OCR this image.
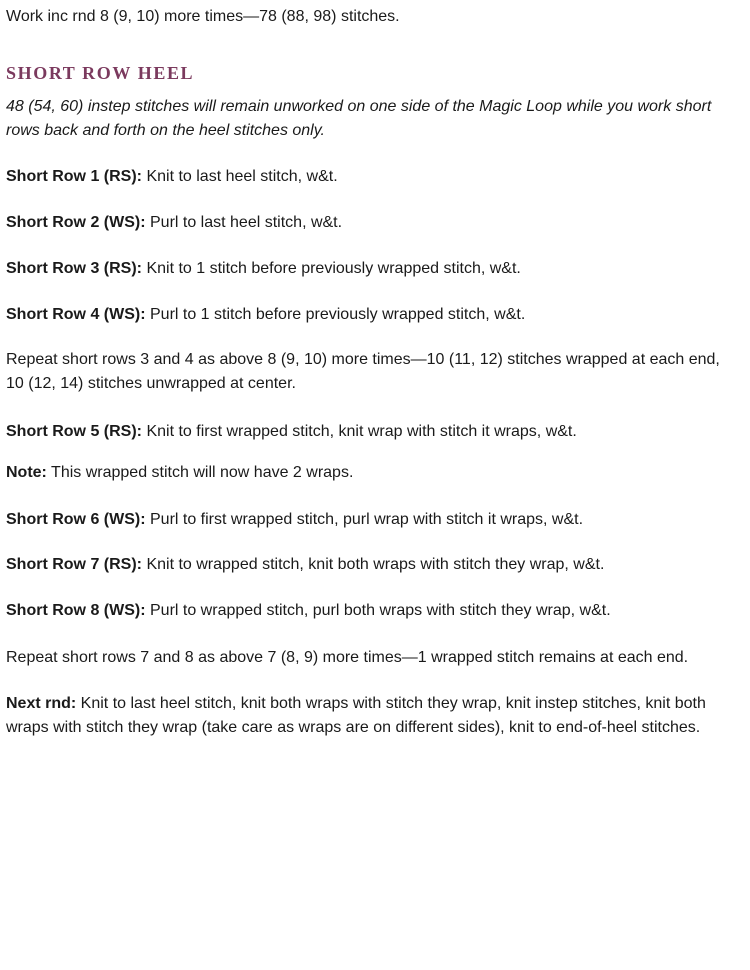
Work inc rnd 8 (9, 10) more times—78 (88, 98) stitches.

SHORT ROW HEEL

48 (54, 60) instep stitches will remain unworked on one side of the Magic Loop while you work short rows back and forth on the heel stitches only.

Short Row 1 (RS): Knit to last heel stitch, w&t.

Short Row 2 (WS): Purl to last heel stitch, w&t.

Short Row 3 (RS): Knit to 1 stitch before previously wrapped stitch, w&t.

Short Row 4 (WS): Purl to 1 stitch before previously wrapped stitch, w&t.

Repeat short rows 3 and 4 as above 8 (9, 10) more times—10 (11, 12) stitches wrapped at each end, 10 (12, 14) stitches unwrapped at center.

Short Row 5 (RS): Knit to first wrapped stitch, knit wrap with stitch it wraps, w&t.

Note: This wrapped stitch will now have 2 wraps.

Short Row 6 (WS): Purl to first wrapped stitch, purl wrap with stitch it wraps, w&t.

Short Row 7 (RS): Knit to wrapped stitch, knit both wraps with stitch they wrap, w&t.

Short Row 8 (WS): Purl to wrapped stitch, purl both wraps with stitch they wrap, w&t.

Repeat short rows 7 and 8 as above 7 (8, 9) more times—1 wrapped stitch remains at each end.

Next rnd: Knit to last heel stitch, knit both wraps with stitch they wrap, knit instep stitches, knit both wraps with stitch they wrap (take care as wraps are on different sides), knit to end-of-heel stitches.
